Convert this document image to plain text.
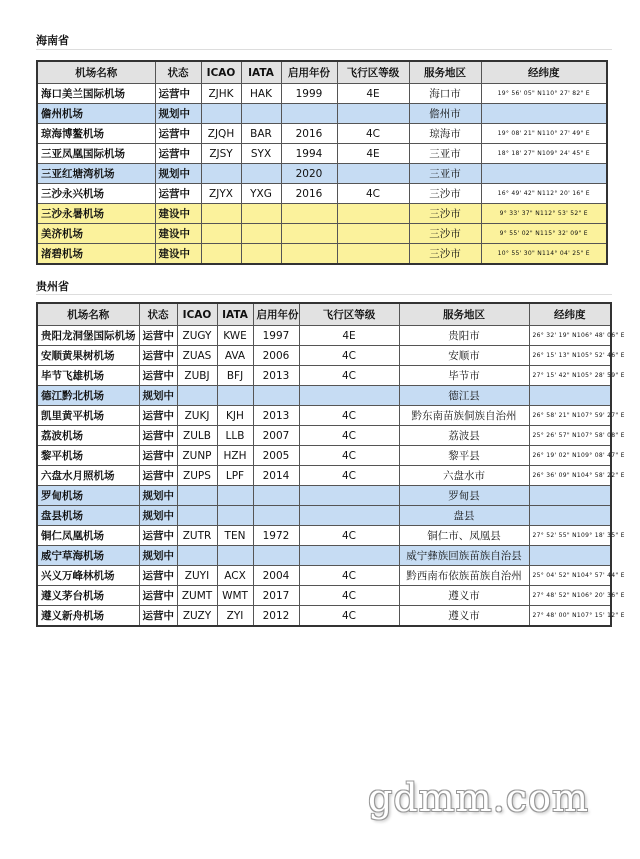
海南省
机场名称	状态	ICAO	IATA	启用年份	飞行区等级	服务地区	经纬度
海口美兰国际机场	运营中	ZJHK	HAK	1999	4E	海口市	19° 56' 05" N110° 27' 82" E
儋州机场	规划中					儋州市	
琼海博鳌机场	运营中	ZJQH	BAR	2016	4C	琼海市	19° 08' 21" N110° 27' 49" E
三亚凤凰国际机场	运营中	ZJSY	SYX	1994	4E	三亚市	18° 18' 27" N109° 24' 45" E
三亚红塘湾机场	规划中			2020		三亚市	
三沙永兴机场	运营中	ZJYX	YXG	2016	4C	三沙市	16° 49' 42" N112° 20' 16" E
三沙永暑机场	建设中					三沙市	9° 33' 37" N112° 53' 52" E
美济机场	建设中					三沙市	9° 55' 02" N115° 32' 09" E
渚碧机场	建设中					三沙市	10° 55' 30" N114° 04' 25" E
贵州省
机场名称	状态	ICAO	IATA	启用年份	飞行区等级	服务地区	经纬度
贵阳龙洞堡国际机场	运营中	ZUGY	KWE	1997	4E	贵阳市	26° 32' 19" N106° 48' 06" E
安顺黄果树机场	运营中	ZUAS	AVA	2006	4C	安顺市	26° 15' 13" N105° 52' 46" E
毕节飞雄机场	运营中	ZUBJ	BFJ	2013	4C	毕节市	27° 15' 42" N105° 28' 59" E
德江黔北机场	规划中					德江县	
凯里黄平机场	运营中	ZUKJ	KJH	2013	4C	黔东南苗族侗族自治州	26° 58' 21" N107° 59' 27" E
荔波机场	运营中	ZULB	LLB	2007	4C	荔波县	25° 26' 57" N107° 58' 08" E
黎平机场	运营中	ZUNP	HZH	2005	4C	黎平县	26° 19' 02" N109° 08' 47" E
六盘水月照机场	运营中	ZUPS	LPF	2014	4C	六盘水市	26° 36' 09" N104° 58' 22" E
罗甸机场	规划中					罗甸县	
盘县机场	规划中					盘县	
铜仁凤凰机场	运营中	ZUTR	TEN	1972	4C	铜仁市、凤凰县	27° 52' 55" N109° 18' 35" E
威宁草海机场	规划中					威宁彝族回族苗族自治县	
兴义万峰林机场	运营中	ZUYI	ACX	2004	4C	黔西南布依族苗族自治州	25° 04' 52" N104° 57' 44" E
遵义茅台机场	运营中	ZUMT	WMT	2017	4C	遵义市	27° 48' 52" N106° 20' 36" E
遵义新舟机场	运营中	ZUZY	ZYI	2012	4C	遵义市	27° 48' 00" N107° 15' 12" E
gdmm.com
